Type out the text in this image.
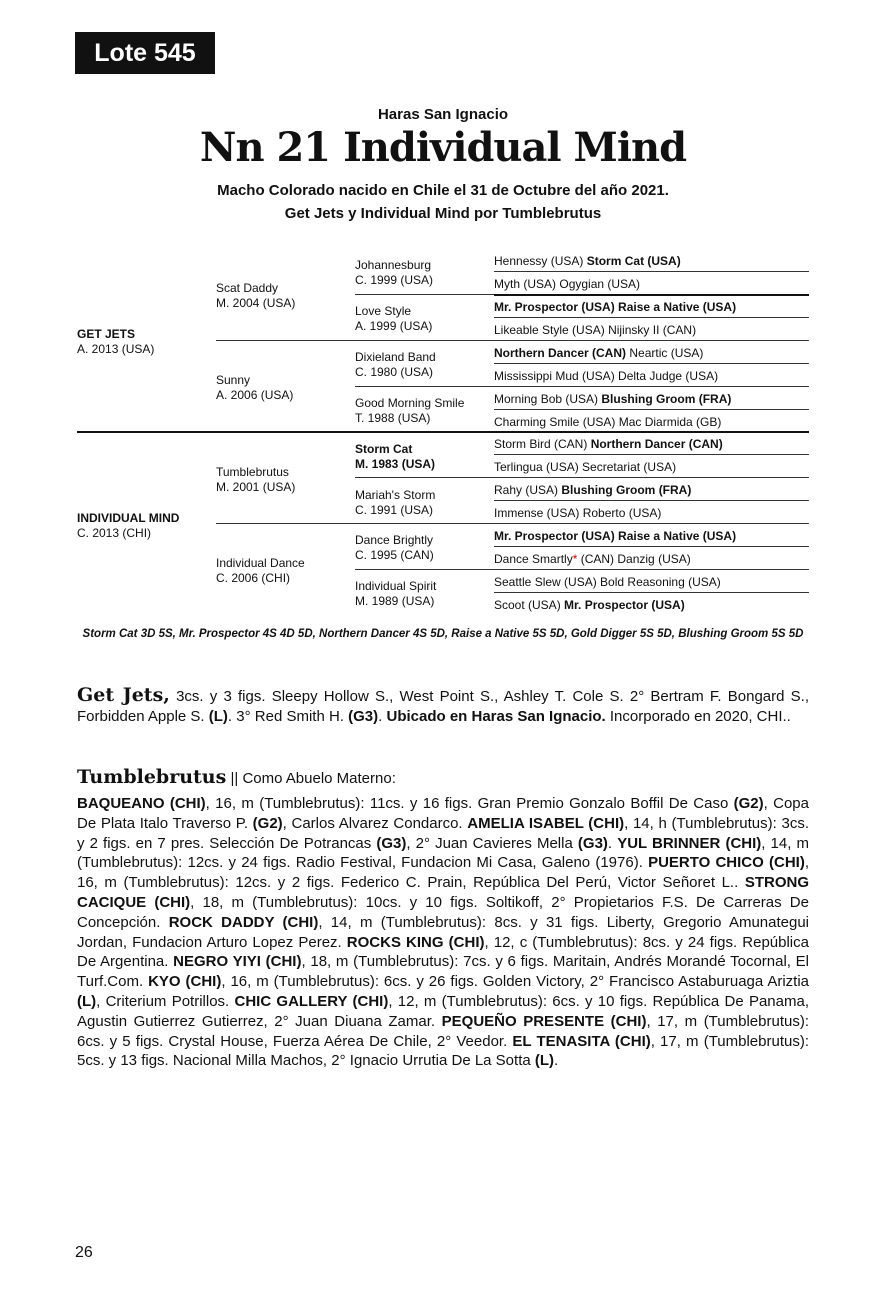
Lote 545
Haras San Ignacio
Nn 21 Individual Mind
Macho Colorado nacido en Chile el 31 de Octubre del año 2021.
Get Jets y Individual Mind por Tumblebrutus
GET JETS
A. 2013 (USA)
INDIVIDUAL MIND
C. 2013 (CHI)
Scat Daddy
M. 2004 (USA)
Sunny
A. 2006 (USA)
Tumblebrutus
M. 2001 (USA)
Individual Dance
C. 2006 (CHI)
Johannesburg
C. 1999 (USA)
Love Style
A. 1999 (USA)
Dixieland Band
C. 1980 (USA)
Good Morning Smile
T. 1988 (USA)
Storm Cat
M. 1983 (USA)
Mariah's Storm
C. 1991 (USA)
Dance Brightly
C. 1995 (CAN)
Individual Spirit
M. 1989 (USA)
Hennessy (USA) Storm Cat (USA)
Myth (USA) Ogygian (USA)
Mr. Prospector (USA) Raise a Native (USA)
Likeable Style (USA) Nijinsky II (CAN)
Northern Dancer (CAN) Neartic (USA)
Mississippi Mud (USA) Delta Judge (USA)
Morning Bob (USA) Blushing Groom (FRA)
Charming Smile (USA) Mac Diarmida (GB)
Storm Bird (CAN) Northern Dancer (CAN)
Terlingua (USA) Secretariat (USA)
Rahy (USA) Blushing Groom (FRA)
Immense (USA) Roberto (USA)
Mr. Prospector (USA) Raise a Native (USA)
Dance Smartly* (CAN) Danzig (USA)
Seattle Slew (USA) Bold Reasoning (USA)
Scoot (USA) Mr. Prospector (USA)
Storm Cat 3D 5S, Mr. Prospector 4S 4D 5D, Northern Dancer 4S 5D, Raise a Native 5S 5D, Gold Digger 5S 5D, Blushing Groom 5S 5D
Get Jets, 3cs. y 3 figs. Sleepy Hollow S., West Point S., Ashley T. Cole S. 2° Bertram F. Bongard S., Forbidden Apple S. (L). 3° Red Smith H. (G3). Ubicado en Haras San Ignacio. Incorporado en 2020, CHI..
Tumblebrutus || Como Abuelo Materno:
BAQUEANO (CHI), 16, m (Tumblebrutus): 11cs. y 16 figs. Gran Premio Gonzalo Boffil De Caso (G2), Copa De Plata Italo Traverso P. (G2), Carlos Alvarez Condarco. AMELIA ISABEL (CHI), 14, h (Tumblebrutus): 3cs. y 2 figs. en 7 pres. Selección De Potrancas (G3), 2° Juan Cavieres Mella (G3). YUL BRINNER (CHI), 14, m (Tumblebrutus): 12cs. y 24 figs. Radio Festival, Fundacion Mi Casa, Galeno (1976). PUERTO CHICO (CHI), 16, m (Tumblebrutus): 12cs. y 2 figs. Federico C. Prain, República Del Perú, Victor Señoret L.. STRONG CACIQUE (CHI), 18, m (Tumblebrutus): 10cs. y 10 figs. Soltikoff, 2° Propietarios F.S. De Carreras De Concepción. ROCK DADDY (CHI), 14, m (Tumblebrutus): 8cs. y 31 figs. Liberty, Gregorio Amunategui Jordan, Fundacion Arturo Lopez Perez. ROCKS KING (CHI), 12, c (Tumblebrutus): 8cs. y 24 figs. República De Argentina. NEGRO YIYI (CHI), 18, m (Tumblebrutus): 7cs. y 6 figs. Maritain, Andrés Morandé Tocornal, El Turf.Com. KYO (CHI), 16, m (Tumblebrutus): 6cs. y 26 figs. Golden Victory, 2° Francisco Astaburuaga Ariztia (L), Criterium Potrillos. CHIC GALLERY (CHI), 12, m (Tumblebrutus): 6cs. y 10 figs. República De Panama, Agustin Gutierrez Gutierrez, 2° Juan Diuana Zamar. PEQUEÑO PRESENTE (CHI), 17, m (Tumblebrutus): 6cs. y 5 figs. Crystal House, Fuerza Aérea De Chile, 2° Veedor. EL TENASITA (CHI), 17, m (Tumblebrutus): 5cs. y 13 figs. Nacional Milla Machos, 2° Ignacio Urrutia De La Sotta (L).
26
